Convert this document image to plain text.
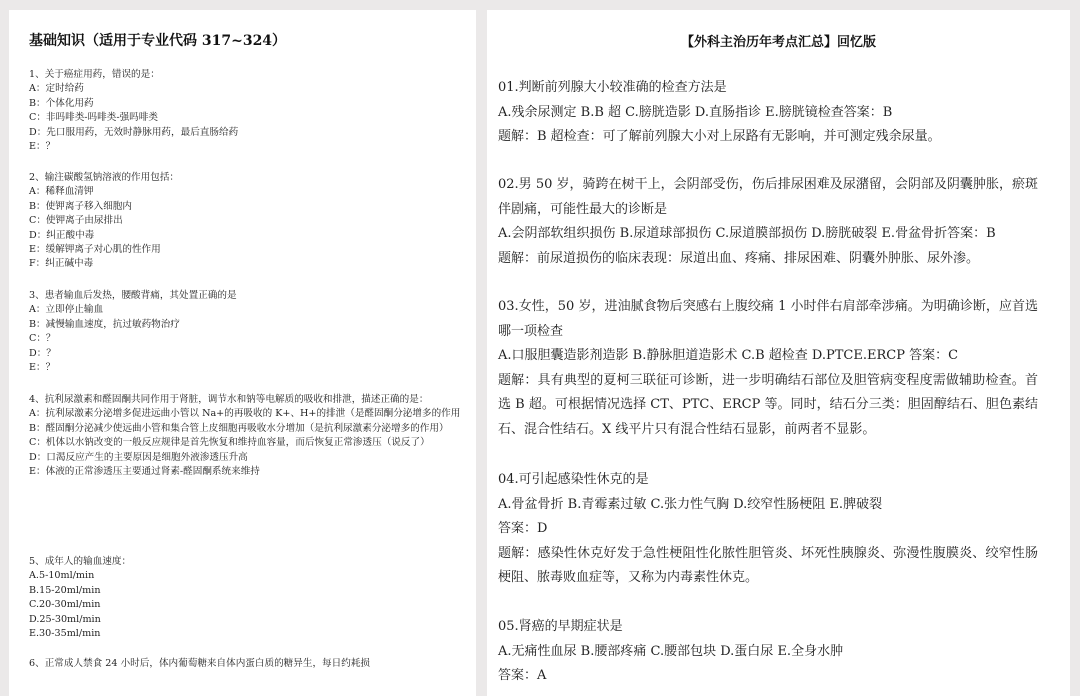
基础知识（适用于专业代码 317~324）
1、关于癌症用药，错误的是：
A：定时给药
B：个体化用药
C：非吗啡类-吗啡类-强吗啡类
D：先口服用药，无效时静脉用药，最后直肠给药
E：？
2、输注碳酸氢钠溶液的作用包括：
A：稀释血清钾
B：使钾离子移入细胞内
C：使钾离子由尿排出
D：纠正酸中毒
E：缓解钾离子对心肌的性作用
F：纠正碱中毒
3、患者输血后发热，腰酸背痛，其处置正确的是
A：立即停止输血
B：减慢输血速度，抗过敏药物治疗
C：？
D：？
E：？
4、抗利尿激素和醛固酮共同作用于肾脏，调节水和钠等电解质的吸收和排泄，描述正确的是：
A：抗利尿激素分泌增多促进远曲小管以 Na+的再吸收的 K+、H+的排泄（是醛固酮分泌增多的作用
B：醛固酮分泌减少使远曲小管和集合管上皮细胞再吸收水分增加（是抗利尿激素分泌增多的作用）
C：机体以水钠改变的一般反应规律是首先恢复和维持血容量，而后恢复正常渗透压（说反了）
D：口渴反应产生的主要原因是细胞外液渗透压升高
E：体液的正常渗透压主要通过肾素-醛固酮系统来维持
5、成年人的输血速度：
A.5-10ml/min
B.15-20ml/min
C.20-30ml/min
D.25-30ml/min
E.30-35ml/min
6、正常成人禁食 24 小时后，体内葡萄糖来自体内蛋白质的糖异生，每日约耗损
【外科主治历年考点汇总】回忆版
01.判断前列腺大小较准确的检查方法是
A.残余尿测定 B.B 超 C.膀胱造影 D.直肠指诊 E.膀胱镜检查答案：B
题解：B 超检查：可了解前列腺大小对上尿路有无影响，并可测定残余尿量。
02.男 50 岁，骑跨在树干上，会阴部受伤，伤后排尿困难及尿潴留，会阴部及阴囊肿胀，瘀斑伴剧痛，可能性最大的诊断是
A.会阴部软组织损伤 B.尿道球部损伤 C.尿道膜部损伤 D.膀胱破裂 E.骨盆骨折答案：B
题解：前尿道损伤的临床表现：尿道出血、疼痛、排尿困难、阴囊外肿胀、尿外渗。
03.女性，50 岁，进油腻食物后突感右上腹绞痛 1 小时伴右肩部牵涉痛。为明确诊断，应首选哪一项检查
A.口服胆囊造影剂造影 B.静脉胆道造影术 C.B 超检查 D.PTCE.ERCP 答案：C
题解：具有典型的夏柯三联征可诊断，进一步明确结石部位及胆管病变程度需做辅助检查。首选 B 超。可根据情况选择 CT、PTC、ERCP 等。同时，结石分三类：胆固醇结石、胆色素结石、混合性结石。X 线平片只有混合性结石显影，前两者不显影。
04.可引起感染性休克的是
A.骨盆骨折 B.青霉素过敏 C.张力性气胸 D.绞窄性肠梗阻 E.脾破裂
答案：D
题解：感染性休克好发于急性梗阻性化脓性胆管炎、坏死性胰腺炎、弥漫性腹膜炎、绞窄性肠梗阻、脓毒败血症等，又称为内毒素性休克。
05.肾癌的早期症状是
A.无痛性血尿 B.腰部疼痛 C.腰部包块 D.蛋白尿 E.全身水肿
答案：A
